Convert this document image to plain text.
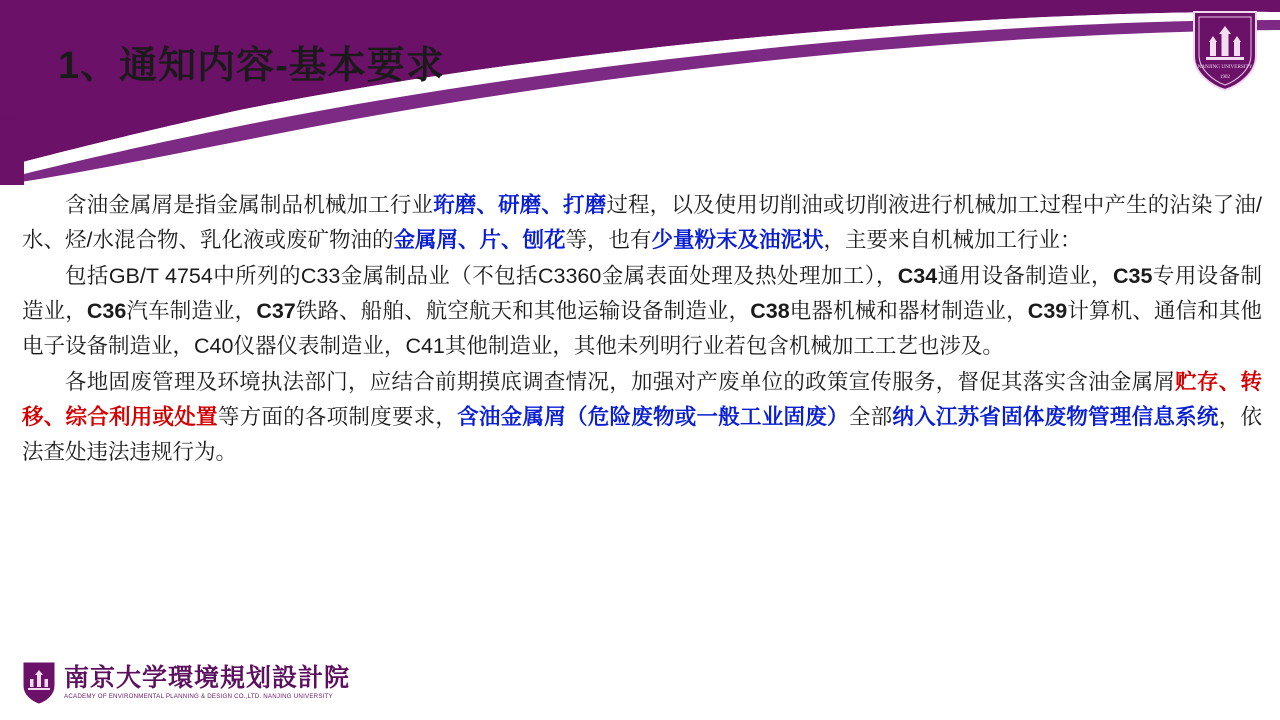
1、通知内容-基本要求	NANJING UNIVERSITY
1902

含油金属屑是指金属制品机械加工行业珩磨、研磨、打磨过程，以及使用切削油或切削液进行机械加工过程中产生的沾染了油/水、烃/水混合物、乳化液或废矿物油的金属屑、片、刨花等，也有少量粉末及油泥状，主要来自机械加工行业：

包括GB/T 4754中所列的C33金属制品业（不包括C3360金属表面处理及热处理加工），C34通用设备制造业，C35专用设备制造业，C36汽车制造业，C37铁路、船舶、航空航天和其他运输设备制造业，C38电器机械和器材制造业，C39计算机、通信和其他电子设备制造业，C40仪器仪表制造业，C41其他制造业，其他未列明行业若包含机械加工工艺也涉及。

各地固废管理及环境执法部门，应结合前期摸底调查情况，加强对产废单位的政策宣传服务，督促其落实含油金属屑贮存、转移、综合利用或处置等方面的各项制度要求，含油金属屑（危险废物或一般工业固废）全部纳入江苏省固体废物管理信息系统，依法查处违法违规行为。

南京大学環境規划設計院
ACADEMY OF ENVIRONMENTAL PLANNING & DESIGN CO.,LTD. NANJING UNIVERSITY
